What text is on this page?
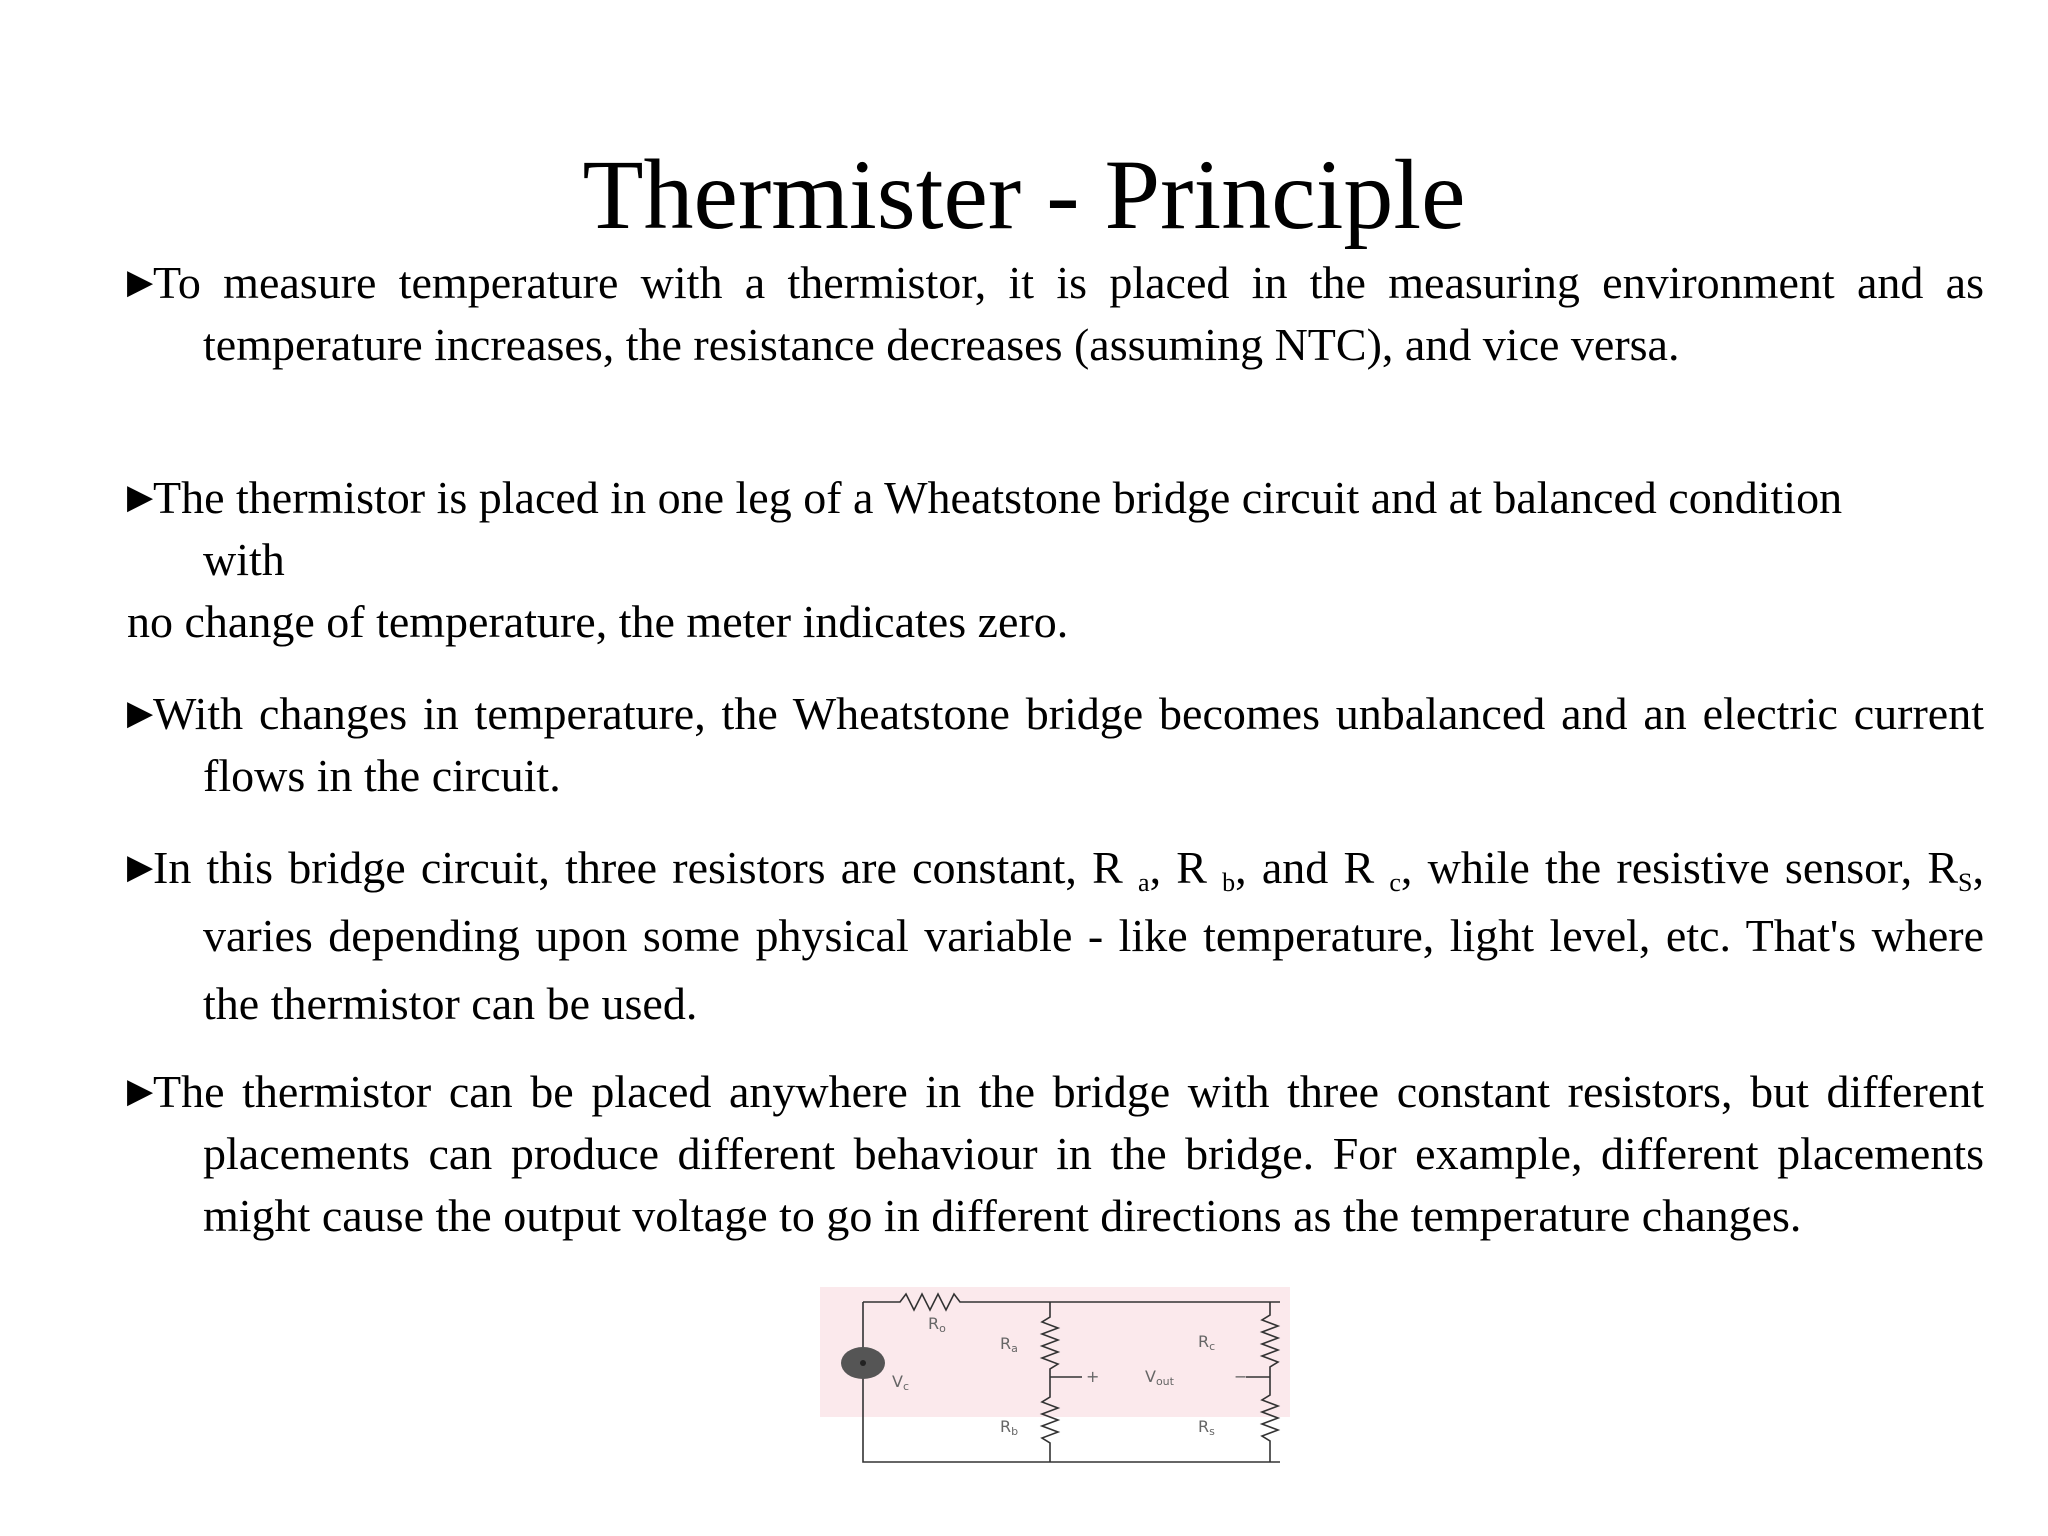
Thermister - Principle
▶ To measure temperature with a thermistor, it is placed in the measuring environment and as temperature increases, the resistance decreases (assuming NTC), and vice versa.
▶ The thermistor is placed in one leg of a Wheatstone bridge circuit and at balanced condition with
no change of temperature, the meter indicates zero.
▶ With changes in temperature, the Wheatstone bridge becomes unbalanced and an electric current flows in the circuit.
▶ In this bridge circuit, three resistors are constant, R $_a$, R $_b$, and R $_c$, while the resistive sensor, $R_S$, varies depending upon some physical variable - like temperature, light level, etc. That's where the thermistor can be used.
▶ The thermistor can be placed anywhere in the bridge with three constant resistors, but different placements can produce different behaviour in the bridge. For example, different placements might cause the output voltage to go in different directions as the temperature changes.
Ro
Ra
Rb
Rc
Rs
Vc
Vout
+	−
